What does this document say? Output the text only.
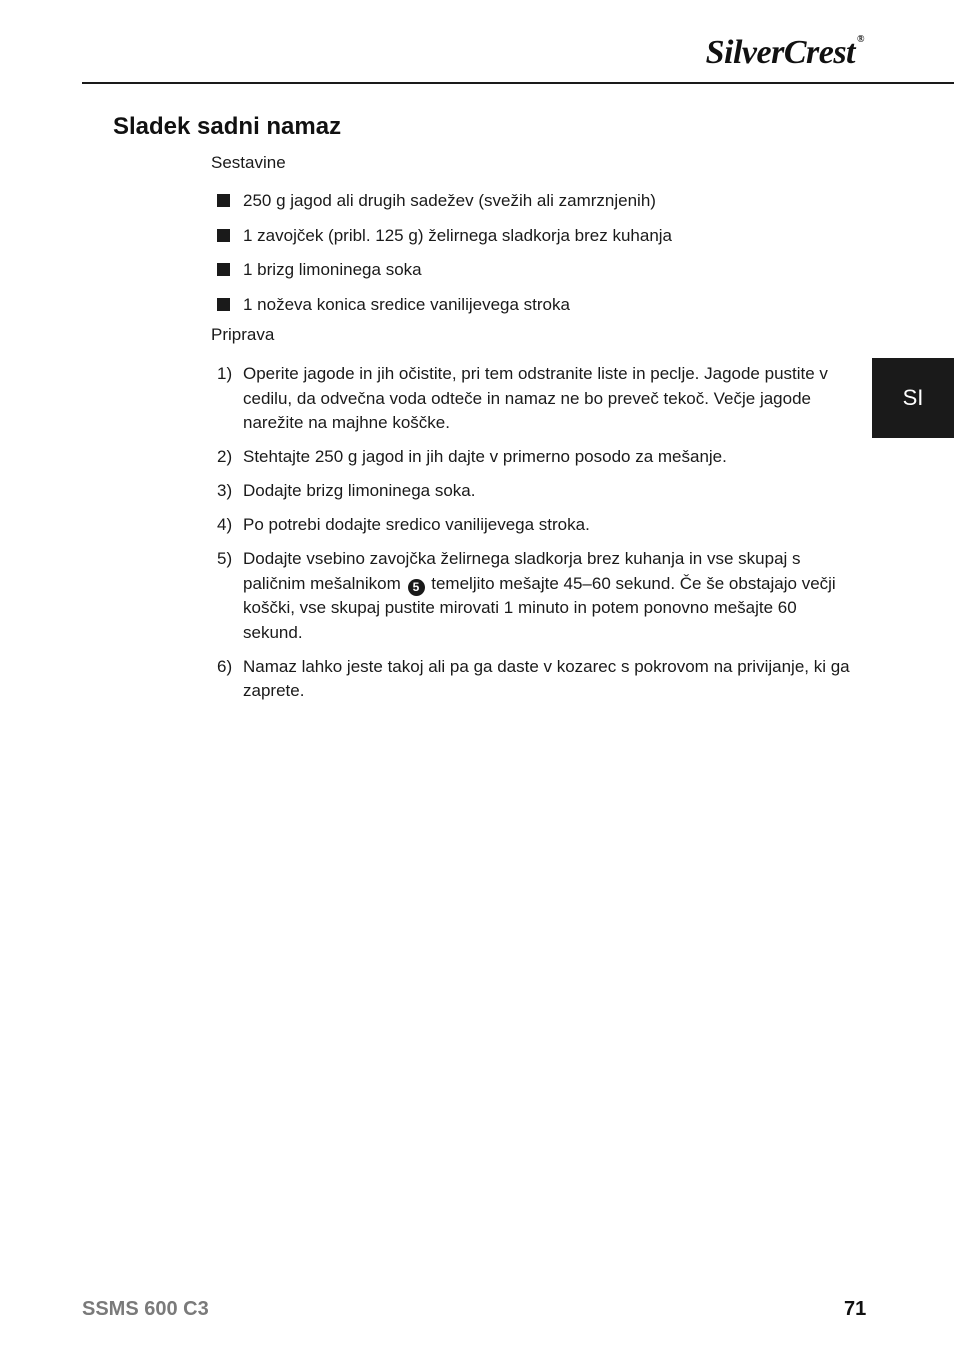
SilverCrest ®
Sladek sadni namaz
Sestavine
250 g jagod ali drugih sadežev (svežih ali zamrznjenih)
1 zavojček (pribl. 125 g) želirnega sladkorja brez kuhanja
1 brizg limoninega soka
1 noževa konica sredice vanilijevega stroka
Priprava
1) Operite jagode in jih očistite, pri tem odstranite liste in peclje. Jagode pustite v cedilu, da odvečna voda odteče in namaz ne bo preveč tekoč. Večje jagode narežite na majhne koščke.
2) Stehtajte 250 g jagod in jih dajte v primerno posodo za mešanje.
3) Dodajte brizg limoninega soka.
4) Po potrebi dodajte sredico vanilijevega stroka.
5) Dodajte vsebino zavojčka želirnega sladkorja brez kuhanja in vse skupaj s paličnim mešalnikom 5 temeljito mešajte 45–60 sekund. Če še obstajajo večji koščki, vse skupaj pustite mirovati 1 minuto in potem ponovno mešajte 60 sekund.
6) Namaz lahko jeste takoj ali pa ga daste v kozarec s pokrovom na privijanje, ki ga zaprete.
SI
SSMS 600 C3	71
